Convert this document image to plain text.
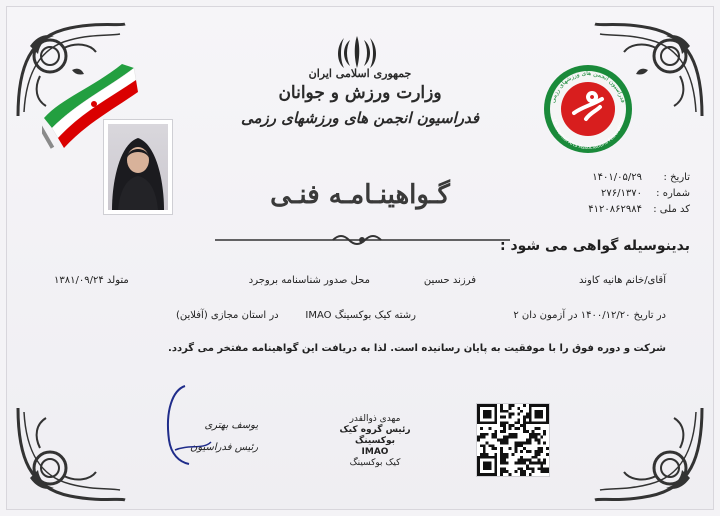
جمهوری اسلامی ایران
وزارت ورزش و جوانان
فدراسیون انجمن های ورزشهای رزمی
فدراسیون انجمن های ورزشهای رزمی
I.R. Martial Arts Associations Federation
تاریخ :
۱۴۰۱/۰۵/۲۹
شماره :
۲۷۶/۱۳۷۰
کد ملی :
۴۱۲۰۸۶۲۹۸۴
گـواهینـامـه فنـی
بدینوسیله گواهی می شود :
آقای/خانم هانیه کاوند
فرزند حسین
محل صدور شناسنامه بروجرد
متولد ۱۳۸۱/۰۹/۲۴
در تاریخ ۱۴۰۰/۱۲/۲۰ در آزمون دان ۲
رشته کیک بوکسینگ IMAO
در استان مجازی (آفلاین)
شرکت و دوره فوق را با موفقیت به پایان رسانیده است. لذا به دریافت این گواهینامه مفتخر می گردد.
یوسف بهتری
رئیس فدراسیون
مهدی ذوالقدر
رئیس گروه کیک بوکسینگ
IMAO
کیک بوکسینگ
